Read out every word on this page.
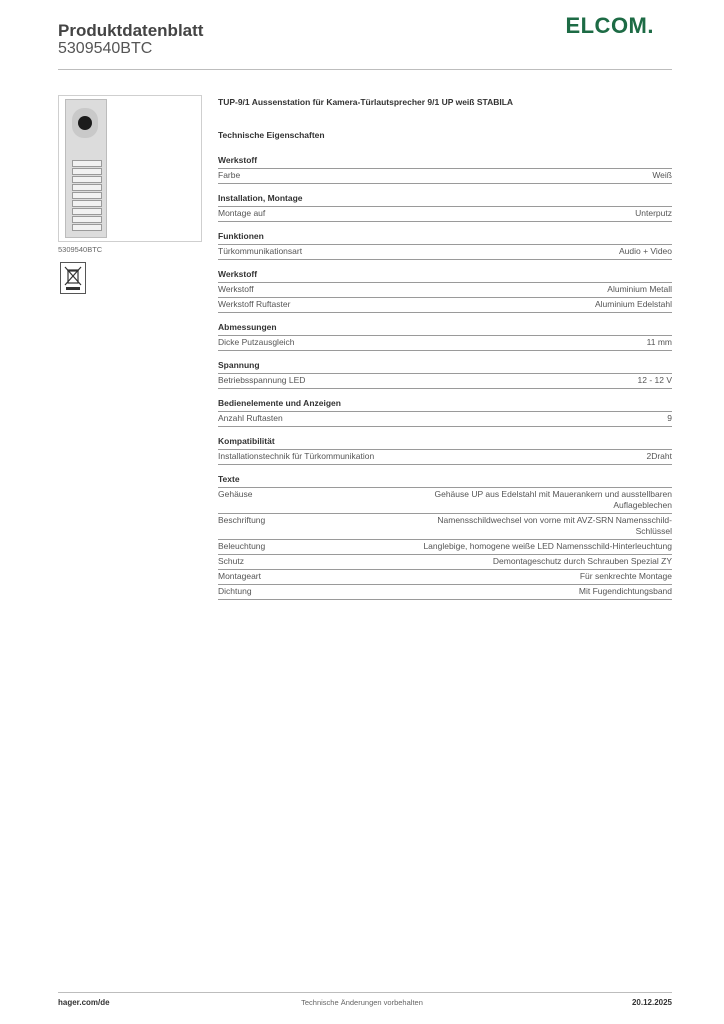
Produktdatenblatt
5309540BTC
ELCOM.
5309540BTC
TUP-9/1 Aussenstation für Kamera-Türlautsprecher 9/1 UP weiß STABILA
Technische Eigenschaften
Werkstoff
Farbe	Weiß
Installation, Montage
Montage auf	Unterputz
Funktionen
Türkommunikationsart	Audio + Video
Werkstoff
Werkstoff	Aluminium Metall
Werkstoff Ruftaster	Aluminium Edelstahl
Abmessungen
Dicke Putzausgleich	11 mm
Spannung
Betriebsspannung LED	12 - 12 V
Bedienelemente und Anzeigen
Anzahl Ruftasten	9
Kompatibilität
Installationstechnik für Türkommunikation	2Draht
Texte
Gehäuse	Gehäuse UP aus Edelstahl mit Mauerankern und ausstellbaren Auflageblechen
Beschriftung	Namensschildwechsel von vorne mit AVZ-SRN Namensschild-Schlüssel
Beleuchtung	Langlebige, homogene weiße LED Namensschild-Hinterleuchtung
Schutz	Demontageschutz durch Schrauben Spezial ZY
Montageart	Für senkrechte Montage
Dichtung	Mit Fugendichtungsband
hager.com/de	Technische Änderungen vorbehalten	20.12.2025
